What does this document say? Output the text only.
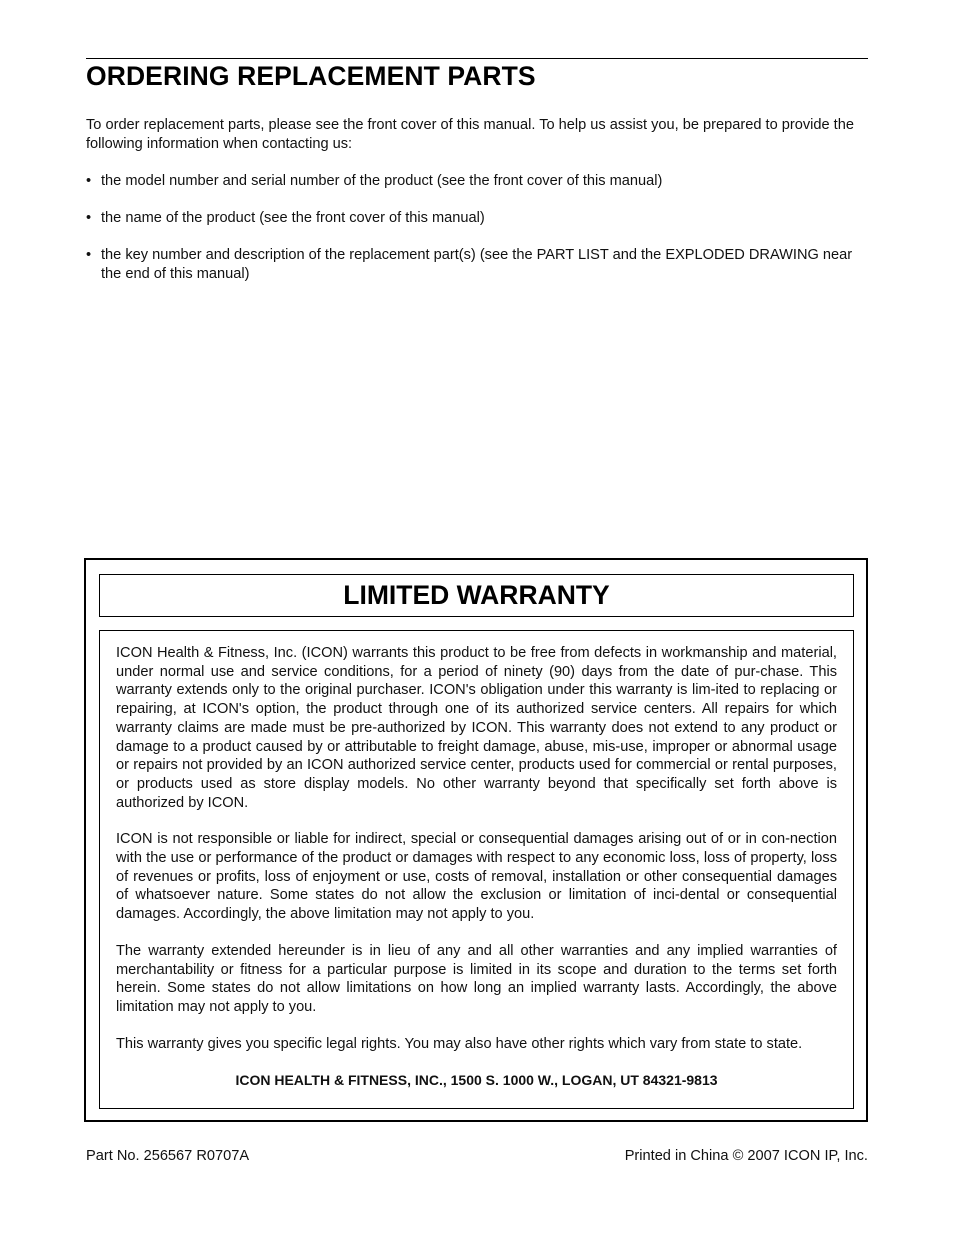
ORDERING REPLACEMENT PARTS

To order replacement parts, please see the front cover of this manual. To help us assist you, be prepared to provide the following information when contacting us:

• the model number and serial number of the product (see the front cover of this manual)
• the name of the product (see the front cover of this manual)
• the key number and description of the replacement part(s) (see the PART LIST and the EXPLODED DRAWING near the end of this manual)
LIMITED WARRANTY

ICON Health & Fitness, Inc. (ICON) warrants this product to be free from defects in workmanship and material, under normal use and service conditions, for a period of ninety (90) days from the date of pur-chase. This warranty extends only to the original purchaser. ICON's obligation under this warranty is lim-ited to replacing or repairing, at ICON's option, the product through one of its authorized service centers. All repairs for which warranty claims are made must be pre-authorized by ICON. This warranty does not extend to any product or damage to a product caused by or attributable to freight damage, abuse, mis-use, improper or abnormal usage or repairs not provided by an ICON authorized service center, products used for commercial or rental purposes, or products used as store display models. No other warranty beyond that specifically set forth above is authorized by ICON.

ICON is not responsible or liable for indirect, special or consequential damages arising out of or in con-nection with the use or performance of the product or damages with respect to any economic loss, loss of property, loss of revenues or profits, loss of enjoyment or use, costs of removal, installation or other consequential damages of whatsoever nature. Some states do not allow the exclusion or limitation of inci-dental or consequential damages. Accordingly, the above limitation may not apply to you.

The warranty extended hereunder is in lieu of any and all other warranties and any implied warranties of merchantability or fitness for a particular purpose is limited in its scope and duration to the terms set forth herein. Some states do not allow limitations on how long an implied warranty lasts. Accordingly, the above limitation may not apply to you.

This warranty gives you specific legal rights. You may also have other rights which vary from state to state.

ICON HEALTH & FITNESS, INC., 1500 S. 1000 W., LOGAN, UT 84321-9813

Part No. 256567 R0707A	Printed in China © 2007 ICON IP, Inc.
